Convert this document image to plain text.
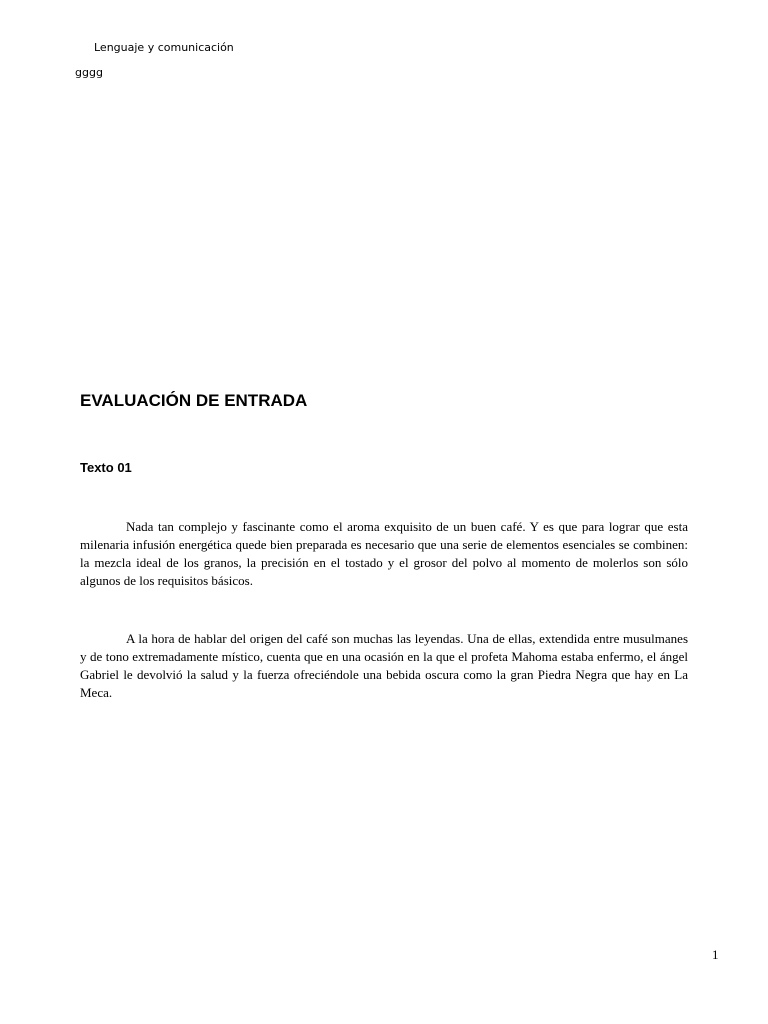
Lenguaje y comunicación
gggg
EVALUACIÓN DE ENTRADA
Texto 01

Nada tan complejo y fascinante como el aroma exquisito de un buen café. Y es que para lograr que esta milenaria infusión energética quede bien preparada es necesario que una serie de elementos esenciales se combinen: la mezcla ideal de los granos, la precisión en el tostado y el grosor del polvo al momento de molerlos son sólo algunos de los requisitos básicos.

A la hora de hablar del origen del café son muchas las leyendas. Una de ellas, extendida entre musulmanes y de tono extremadamente místico, cuenta que en una ocasión en la que el profeta Mahoma estaba enfermo, el ángel Gabriel le devolvió la salud y la fuerza ofreciéndole una bebida oscura como la gran Piedra Negra que hay en La Meca.

1
